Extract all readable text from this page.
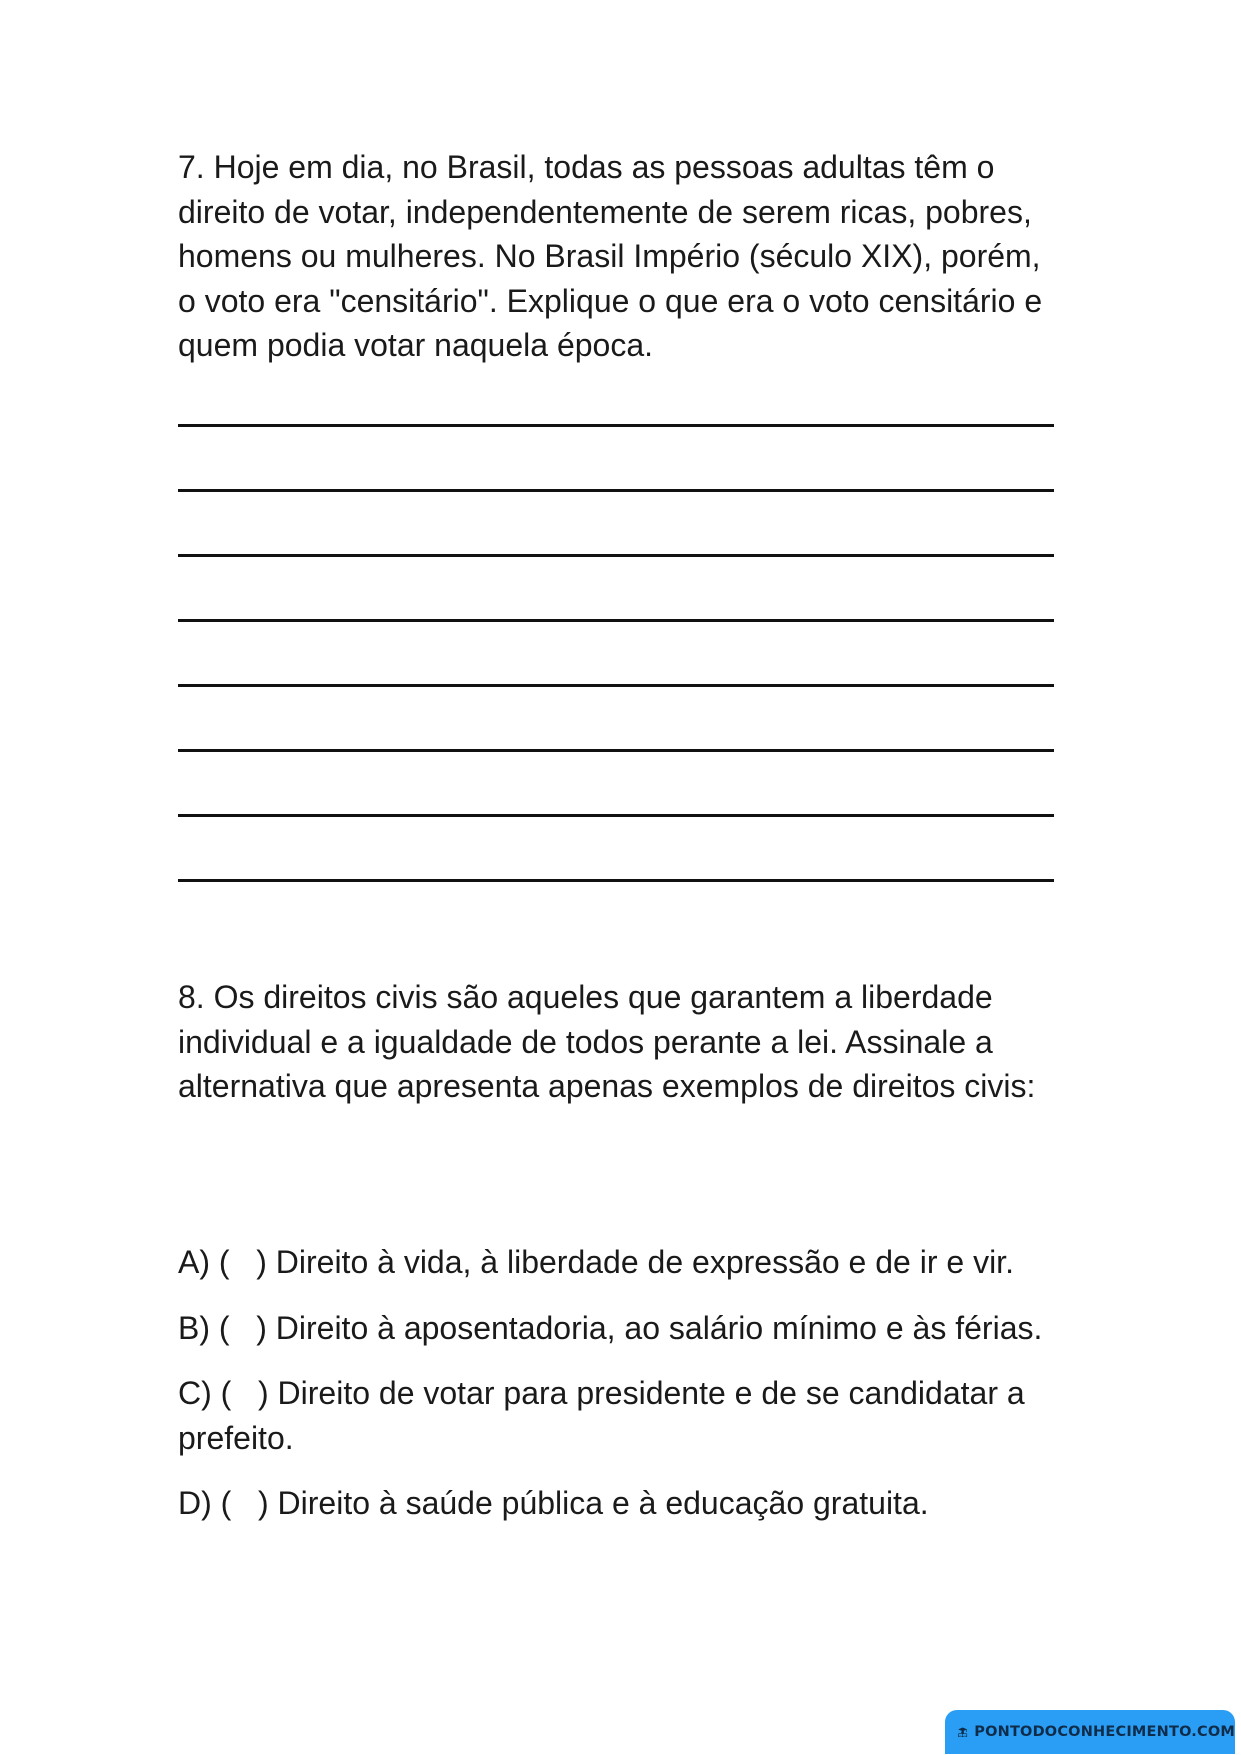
7. Hoje em dia, no Brasil, todas as pessoas adultas têm o direito de votar, independentemente de serem ricas, pobres, homens ou mulheres. No Brasil Império (século XIX), porém, o voto era "censitário". Explique o que era o voto censitário e quem podia votar naquela época.
8. Os direitos civis são aqueles que garantem a liberdade individual e a igualdade de todos perante a lei. Assinale a alternativa que apresenta apenas exemplos de direitos civis:
A) (   ) Direito à vida, à liberdade de expressão e de ir e vir.
B) (   ) Direito à aposentadoria, ao salário mínimo e às férias.
C) (   ) Direito de votar para presidente e de se candidatar a prefeito.
D) (   ) Direito à saúde pública e à educação gratuita.
PONTODOCONHECIMENTO.COM
